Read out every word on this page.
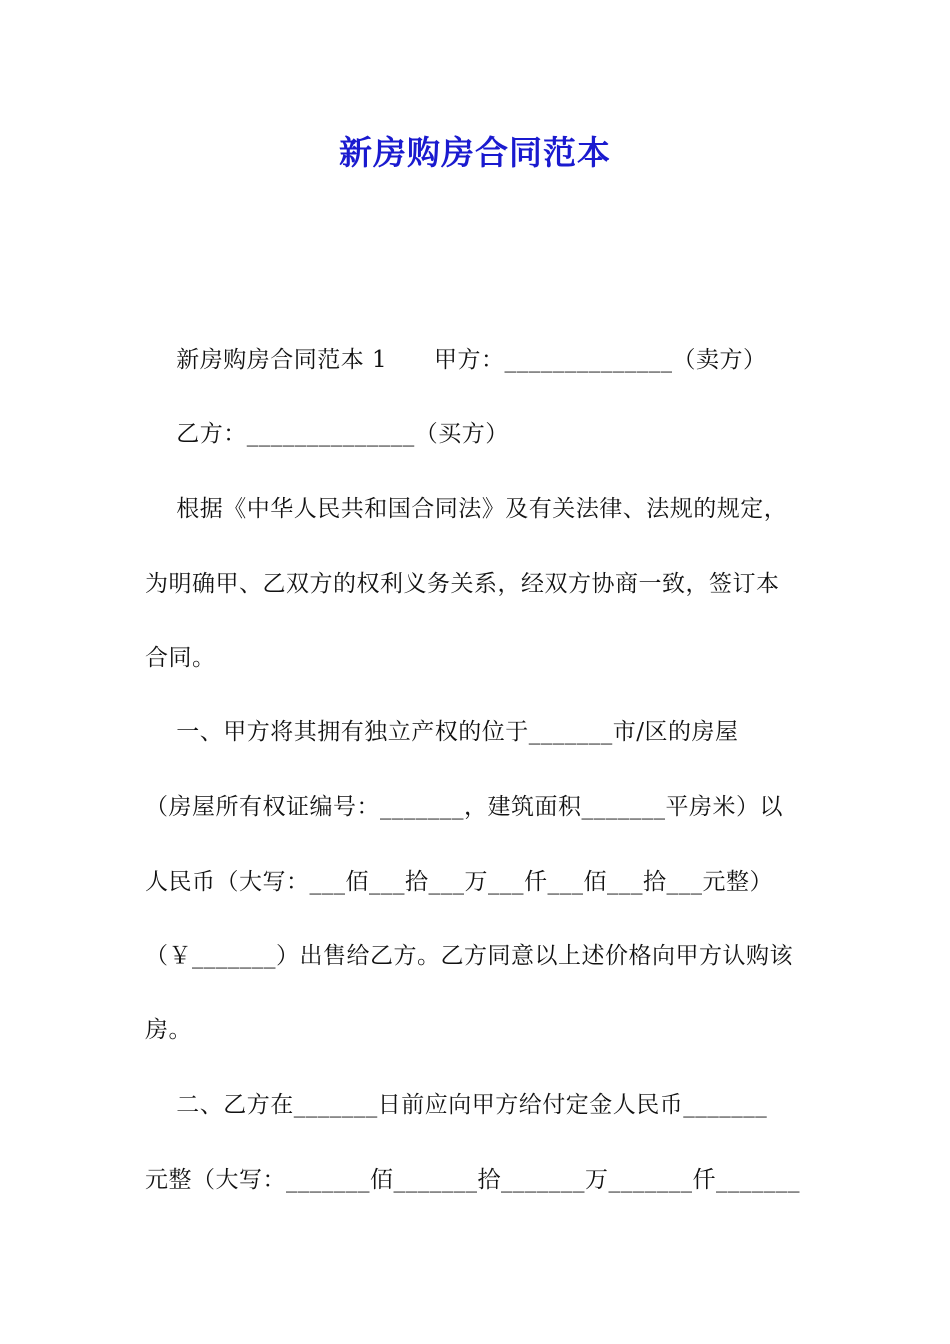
新房购房合同范本
新房购房合同范本 1      甲方：______________（卖方）
乙方：______________（买方）
根据《中华人民共和国合同法》及有关法律、法规的规定，
为明确甲、乙双方的权利义务关系，经双方协商一致，签订本
合同。
一、甲方将其拥有独立产权的位于_______市/区的房屋
（房屋所有权证编号：_______，建筑面积_______平房米）以
人民币（大写：___佰___拾___万___仟___佰___拾___元整）
（￥_______）出售给乙方。乙方同意以上述价格向甲方认购该
房。
二、乙方在_______日前应向甲方给付定金人民币_______
元整（大写：_______佰_______拾_______万_______仟_______
